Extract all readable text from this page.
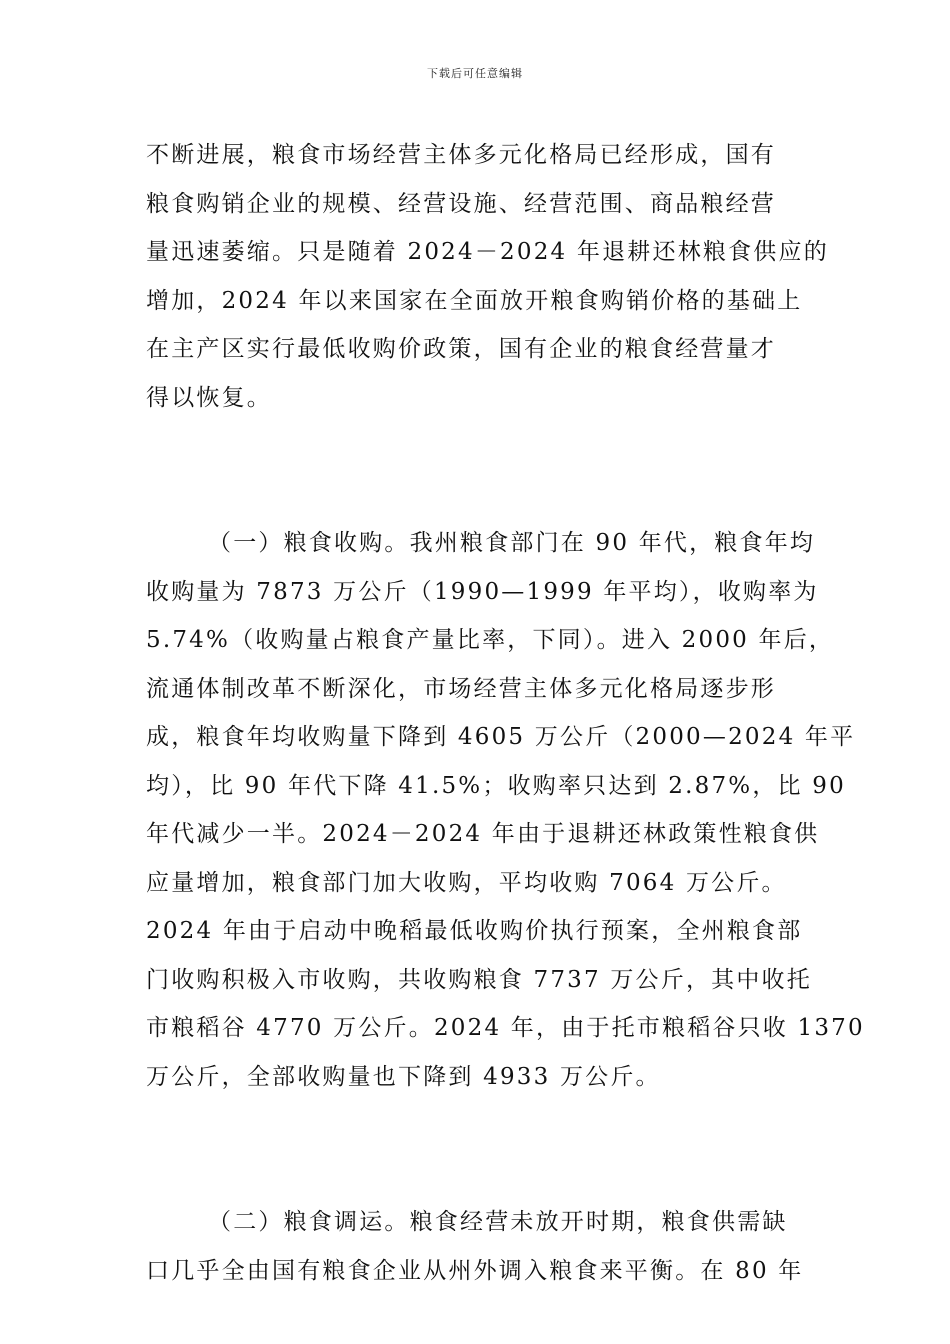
下载后可任意编辑
不断进展，粮食市场经营主体多元化格局已经形成，国有
粮食购销企业的规模、经营设施、经营范围、商品粮经营
量迅速萎缩。只是随着 2024－2024 年退耕还林粮食供应的
增加，2024 年以来国家在全面放开粮食购销价格的基础上
在主产区实行最低收购价政策，国有企业的粮食经营量才
得以恢复。
（一）粮食收购。我州粮食部门在 90 年代，粮食年均
收购量为 7873 万公斤（1990—1999 年平均），收购率为
5.74%（收购量占粮食产量比率，下同）。进入 2000 年后，
流通体制改革不断深化，市场经营主体多元化格局逐步形
成，粮食年均收购量下降到 4605 万公斤（2000—2024 年平
均），比 90 年代下降 41.5%；收购率只达到 2.87%，比 90
年代减少一半。2024－2024 年由于退耕还林政策性粮食供
应量增加，粮食部门加大收购，平均收购 7064 万公斤。
2024 年由于启动中晚稻最低收购价执行预案，全州粮食部
门收购积极入市收购，共收购粮食 7737 万公斤，其中收托
市粮稻谷 4770 万公斤。2024 年，由于托市粮稻谷只收 1370
万公斤，全部收购量也下降到 4933 万公斤。
（二）粮食调运。粮食经营未放开时期，粮食供需缺
口几乎全由国有粮食企业从州外调入粮食来平衡。在 80 年
